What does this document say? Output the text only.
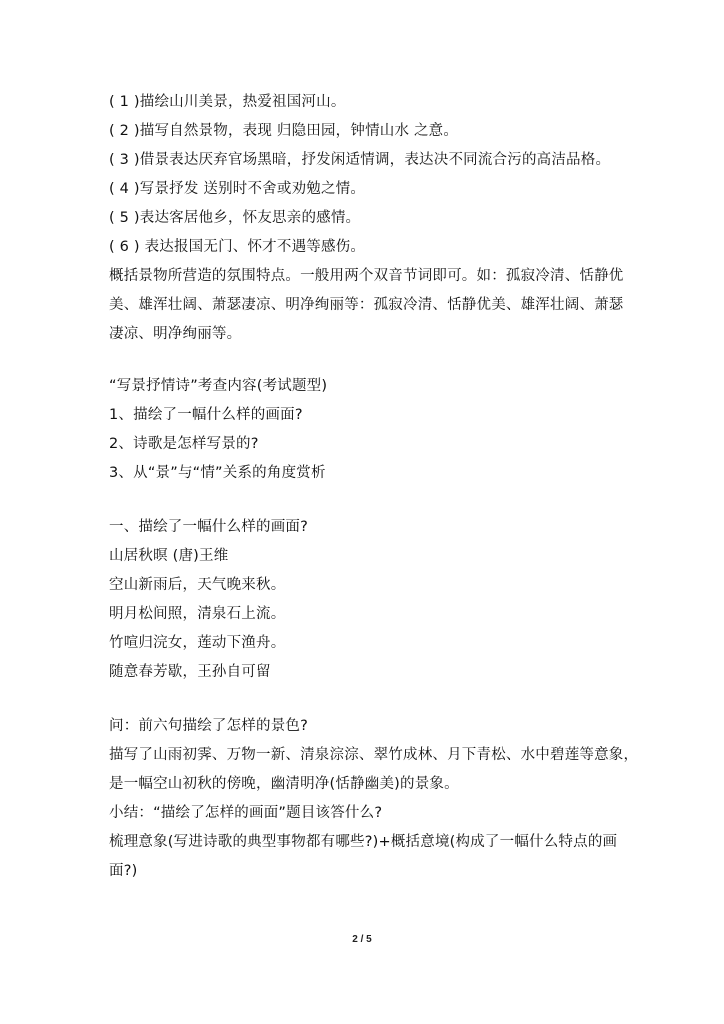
( 1 )描绘山川美景，热爱祖国河山。
( 2 )描写自然景物，表现 归隐田园，钟情山水 之意。
( 3 )借景表达厌弃官场黑暗，抒发闲适情调，表达决不同流合污的高洁品格。
( 4 )写景抒发 送别时不舍或劝勉之情。
( 5 )表达客居他乡，怀友思亲的感情。
( 6 ) 表达报国无门、怀才不遇等感伤。
概括景物所营造的氛围特点。一般用两个双音节词即可。如：孤寂冷清、恬静优
美、雄浑壮阔、萧瑟凄凉、明净绚丽等：孤寂冷清、恬静优美、雄浑壮阔、萧瑟
凄凉、明净绚丽等。
“写景抒情诗”考查内容(考试题型)
1、描绘了一幅什么样的画面?
2、诗歌是怎样写景的?
3、从“景”与“情”关系的角度赏析
一、描绘了一幅什么样的画面?
山居秋暝 (唐)王维
空山新雨后，天气晚来秋。
明月松间照，清泉石上流。
竹喧归浣女，莲动下渔舟。
随意春芳歇，王孙自可留
问：前六句描绘了怎样的景色?
描写了山雨初霁、万物一新、清泉淙淙、翠竹成林、月下青松、水中碧莲等意象，
是一幅空山初秋的傍晚，幽清明净(恬静幽美)的景象。
小结：“描绘了怎样的画面”题目该答什么?
梳理意象(写进诗歌的典型事物都有哪些?)+概括意境(构成了一幅什么特点的画
面?)
2 / 5
